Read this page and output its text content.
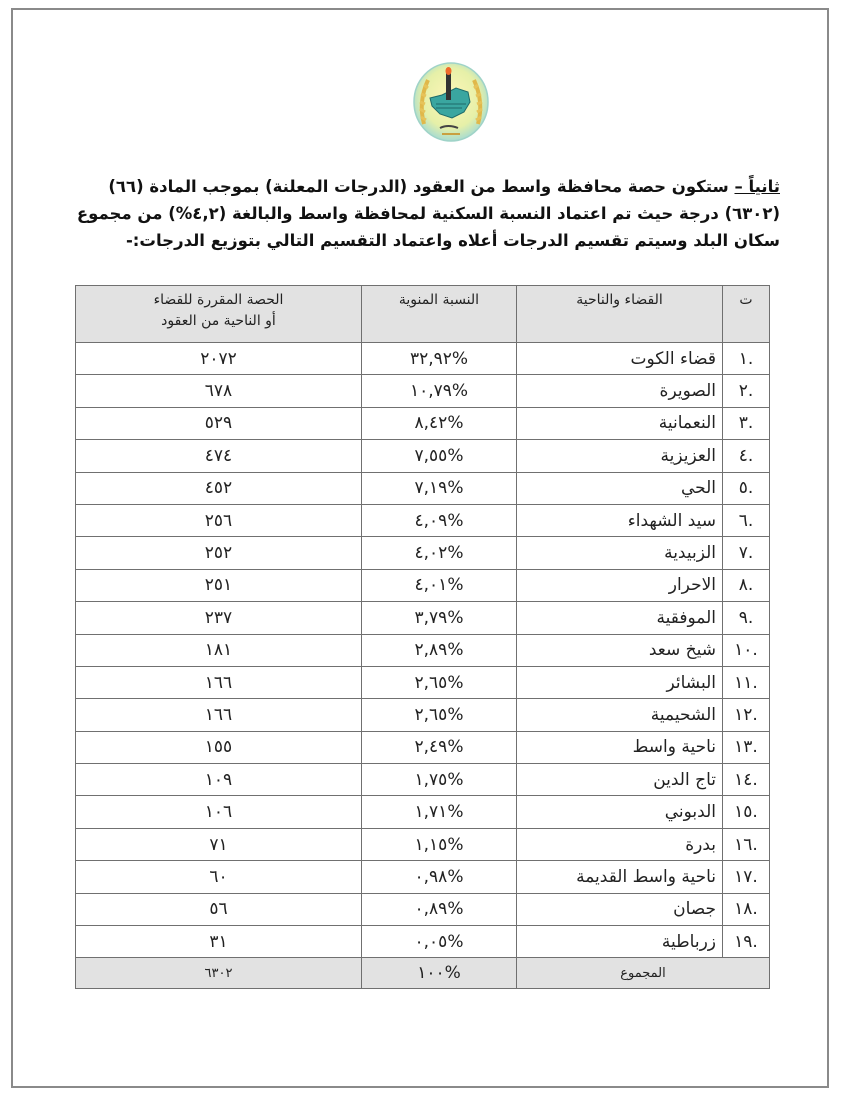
ثانياً – ستكون حصة محافظة واسط من العقود (الدرجات المعلنة) بموجب المادة (٦٦) (٦٣٠٢) درجة حيث تم اعتماد النسبة السكنية لمحافظة واسط والبالغة (٤,٢%) من مجموع سكان البلد وسيتم تقسيم الدرجات أعلاه واعتماد التقسيم التالي بتوزيع الدرجات:-
ت	القضاء والناحية	النسبة المنوية	الحصة المقررة للقضاء
أو الناحية من العقود

.١	قضاء الكوت	%٣٢,٩٢	٢٠٧٢
.٢	الصويرة	%١٠,٧٩	٦٧٨
.٣	النعمانية	%٨,٤٢	٥٢٩
.٤	العزيزية	%٧,٥٥	٤٧٤
.٥	الحي	%٧,١٩	٤٥٢
.٦	سيد الشهداء	%٤,٠٩	٢٥٦
.٧	الزبيدية	%٤,٠٢	٢٥٢
.٨	الاحرار	%٤,٠١	٢٥١
.٩	الموفقية	%٣,٧٩	٢٣٧
.١٠	شيخ سعد	%٢,٨٩	١٨١
.١١	البشائر	%٢,٦٥	١٦٦
.١٢	الشحيمية	%٢,٦٥	١٦٦
.١٣	ناحية واسط	%٢,٤٩	١٥٥
.١٤	تاج الدين	%١,٧٥	١٠٩
.١٥	الدبوني	%١,٧١	١٠٦
.١٦	بدرة	%١,١٥	٧١
.١٧	ناحية واسط القديمة	%٠,٩٨	٦٠
.١٨	جصان	%٠,٨٩	٥٦
.١٩	زرباطية	%٠,٠٥	٣١
المجموع		%١٠٠	٦٣٠٢
